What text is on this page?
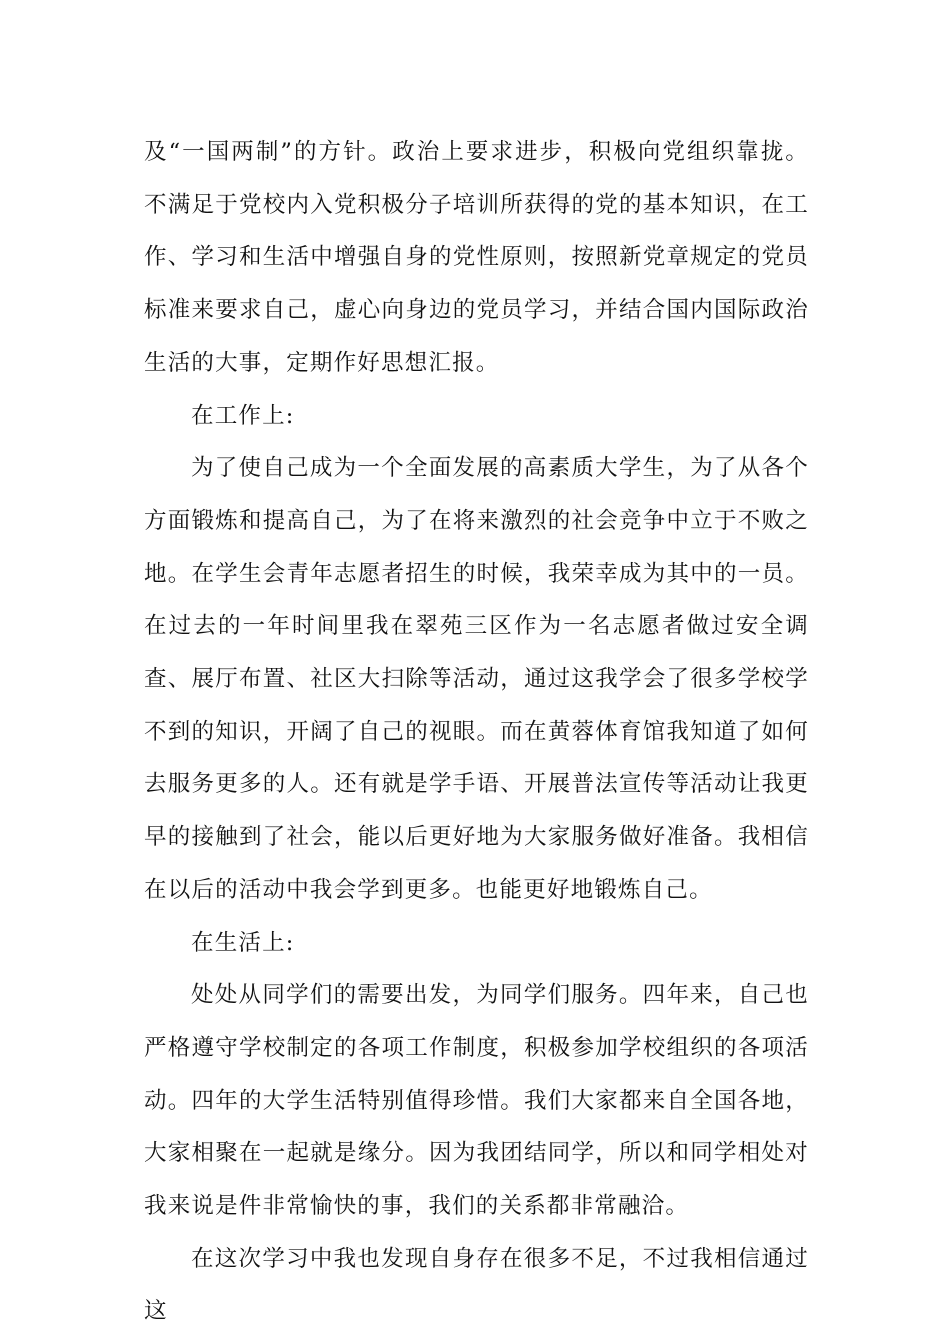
及“一国两制”的方针。政治上要求进步，积极向党组织靠拢。不满足于党校内入党积极分子培训所获得的党的基本知识，在工作、学习和生活中增强自身的党性原则，按照新党章规定的党员标准来要求自己，虚心向身边的党员学习，并结合国内国际政治生活的大事，定期作好思想汇报。

在工作上:

为了使自己成为一个全面发展的高素质大学生，为了从各个方面锻炼和提高自己，为了在将来激烈的社会竞争中立于不败之地。在学生会青年志愿者招生的时候，我荣幸成为其中的一员。在过去的一年时间里我在翠苑三区作为一名志愿者做过安全调查、展厅布置、社区大扫除等活动，通过这我学会了很多学校学不到的知识，开阔了自己的视眼。而在黄蓉体育馆我知道了如何去服务更多的人。还有就是学手语、开展普法宣传等活动让我更早的接触到了社会，能以后更好地为大家服务做好准备。我相信在以后的活动中我会学到更多。也能更好地锻炼自己。

在生活上:

处处从同学们的需要出发，为同学们服务。四年来，自己也严格遵守学校制定的各项工作制度，积极参加学校组织的各项活动。四年的大学生活特别值得珍惜。我们大家都来自全国各地，大家相聚在一起就是缘分。因为我团结同学，所以和同学相处对我来说是件非常愉快的事，我们的关系都非常融洽。

在这次学习中我也发现自身存在很多不足，不过我相信通过这
